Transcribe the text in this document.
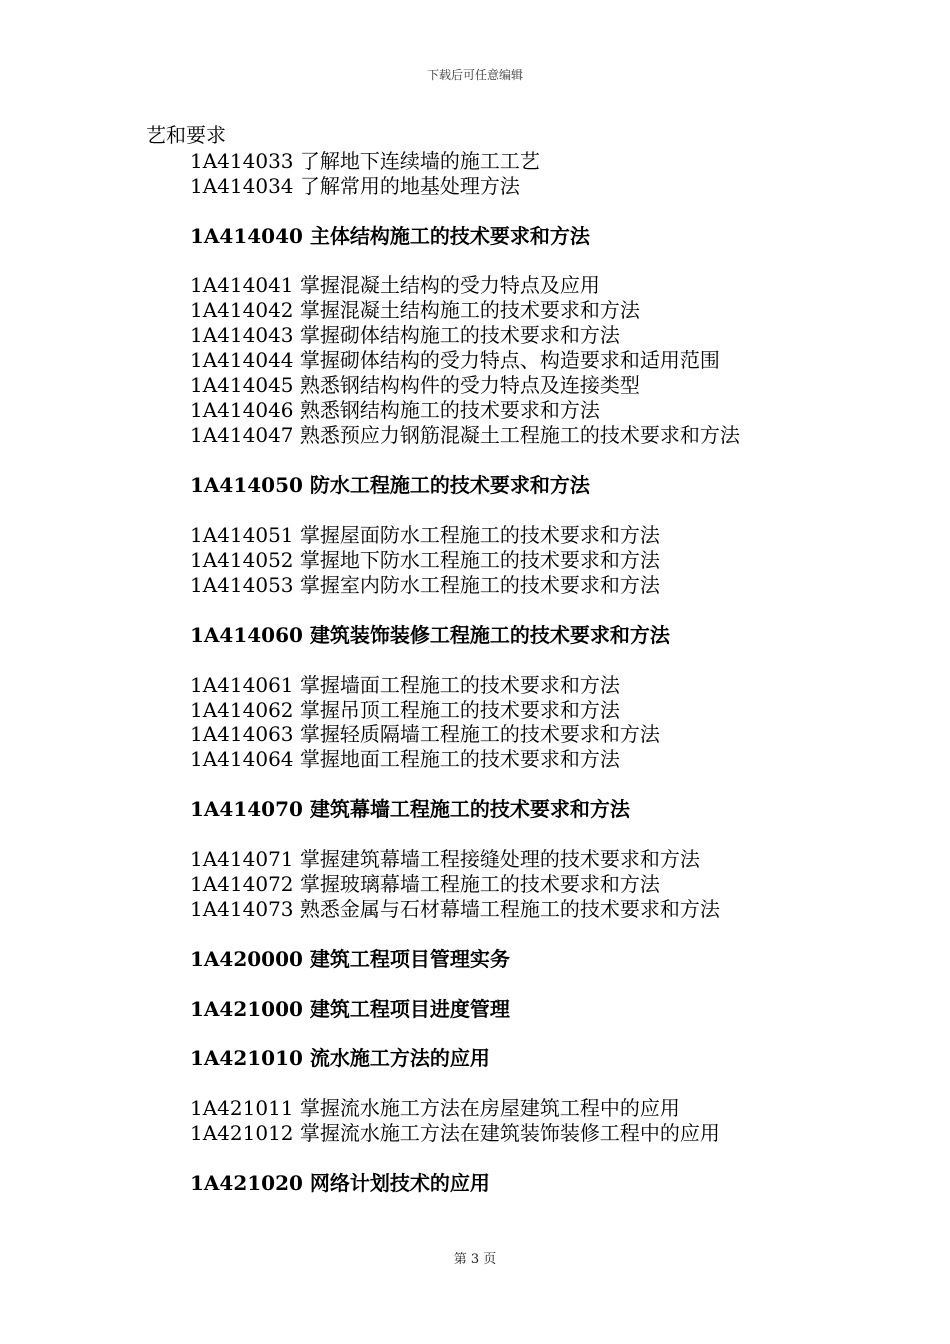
下载后可任意编辑
艺和要求
1A414033 了解地下连续墙的施工工艺
1A414034 了解常用的地基处理方法
1A414040 主体结构施工的技术要求和方法
1A414041 掌握混凝土结构的受力特点及应用
1A414042 掌握混凝土结构施工的技术要求和方法
1A414043 掌握砌体结构施工的技术要求和方法
1A414044 掌握砌体结构的受力特点、构造要求和适用范围
1A414045 熟悉钢结构构件的受力特点及连接类型
1A414046 熟悉钢结构施工的技术要求和方法
1A414047 熟悉预应力钢筋混凝土工程施工的技术要求和方法
1A414050 防水工程施工的技术要求和方法
1A414051 掌握屋面防水工程施工的技术要求和方法
1A414052 掌握地下防水工程施工的技术要求和方法
1A414053 掌握室内防水工程施工的技术要求和方法
1A414060 建筑装饰装修工程施工的技术要求和方法
1A414061 掌握墙面工程施工的技术要求和方法
1A414062 掌握吊顶工程施工的技术要求和方法
1A414063 掌握轻质隔墙工程施工的技术要求和方法
1A414064 掌握地面工程施工的技术要求和方法
1A414070 建筑幕墙工程施工的技术要求和方法
1A414071 掌握建筑幕墙工程接缝处理的技术要求和方法
1A414072 掌握玻璃幕墙工程施工的技术要求和方法
1A414073 熟悉金属与石材幕墙工程施工的技术要求和方法
1A420000 建筑工程项目管理实务
1A421000 建筑工程项目进度管理
1A421010 流水施工方法的应用
1A421011 掌握流水施工方法在房屋建筑工程中的应用
1A421012 掌握流水施工方法在建筑装饰装修工程中的应用
1A421020 网络计划技术的应用
第 3 页
